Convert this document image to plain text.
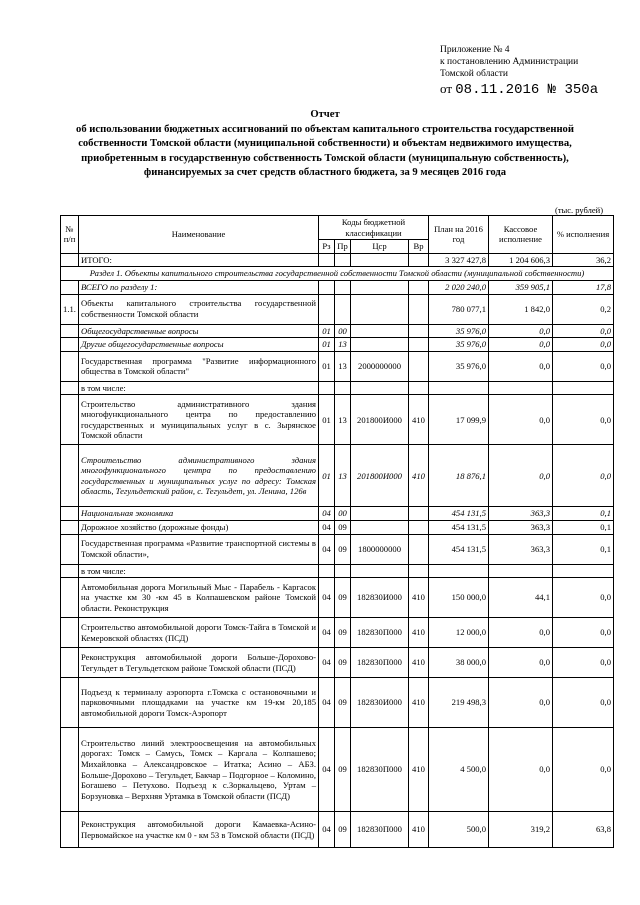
Приложение № 4
к постановлению Администрации
Томской области
от 08.11.2016 № 350а
Отчет
об использовании бюджетных ассигнований по объектам капитального строительства государственной собственности Томской области (муниципальной собственности) и объектам недвижимого имущества, приобретенным в государственную собственность Томской области (муниципальную собственность), финансируемых за счет средств областного бюджета, за 9 месяцев 2016 года
(тыс. рублей)
№ п/п	Наименование	Коды бюджетной классификации				План на 2016 год	Кассовое исполнение	% исполнения
		Рз	Пр	Цср	Вр			
	ИТОГО:					3 327 427,8	1 204 606,3	36,2
Раздел 1. Объекты капитального строительства государственной собственности Томской области (муниципальной собственности)								
	ВСЕГО по разделу 1:					2 020 240,0	359 905,1	17,8
1.1.	Объекты капитального строительства государственной собственности Томской области					780 077,1	1 842,0	0,2
	Общегосударственные вопросы	01	00			35 976,0	0,0	0,0
	Другие общегосударственные вопросы	01	13			35 976,0	0,0	0,0
	Государственная программа "Развитие информационного общества в Томской области"	01	13	2000000000		35 976,0	0,0	0,0
	в том числе:							
	Строительство административного здания многофункционального центра по предоставлению государственных и муниципальных услуг в с. Зырянское Томской области	01	13	201800И000	410	17 099,9	0,0	0,0
	Строительство административного здания многофункционального центра по предоставлению государственных и муниципальных услуг по адресу: Томская область, Тегульдетский район, с. Тегульдет, ул. Ленина, 126в	01	13	201800И000	410	18 876,1	0,0	0,0
	Национальная экономика	04	00			454 131,5	363,3	0,1
	Дорожное хозяйство (дорожные фонды)	04	09			454 131,5	363,3	0,1
	Государственная программа «Развитие транспортной системы в Томской области»,	04	09	1800000000		454 131,5	363,3	0,1
	в том числе:							
	Автомобильная дорога Могильный Мыс - Парабель - Каргасок на участке км 30 -км 45 в Колпашевском районе Томской области. Реконструкция	04	09	182830И000	410	150 000,0	44,1	0,0
	Строительство автомобильной дороги Томск-Тайга в Томской и Кемеровской областях (ПСД)	04	09	182830П000	410	12 000,0	0,0	0,0
	Реконструкция автомобильной дороги Больше-Дороховo-Тегульдет в Тегульдетском районе Томской области (ПСД)	04	09	182830П000	410	38 000,0	0,0	0,0
	Подъезд к терминалу аэропорта г.Томска с остановочными и парковочными площадками на участке км 19-км 20,185 автомобильной дороги Томск-Аэропорт	04	09	182830И000	410	219 498,3	0,0	0,0
	Строительство линий электроосвещения на автомобильных дорогах: Томск – Самусь, Томск – Каргала – Колпашево; Михайловка – Александровское – Итатка; Асино – АБЗ. Больше-Дорохово – Тегульдет, Бакчар – Подгорное – Коломино, Богашево – Петухово. Подъезд к с.Зоркальцево, Уртам – Борзуновка – Верхняя Уртамка в Томской области (ПСД)	04	09	182830П000	410	4 500,0	0,0	0,0
	Реконструкция автомобильной дороги Камаевка-Асино-Первомайское на участке км 0 - км 53 в Томской области (ПСД)	04	09	182830П000	410	500,0	319,2	63,8
